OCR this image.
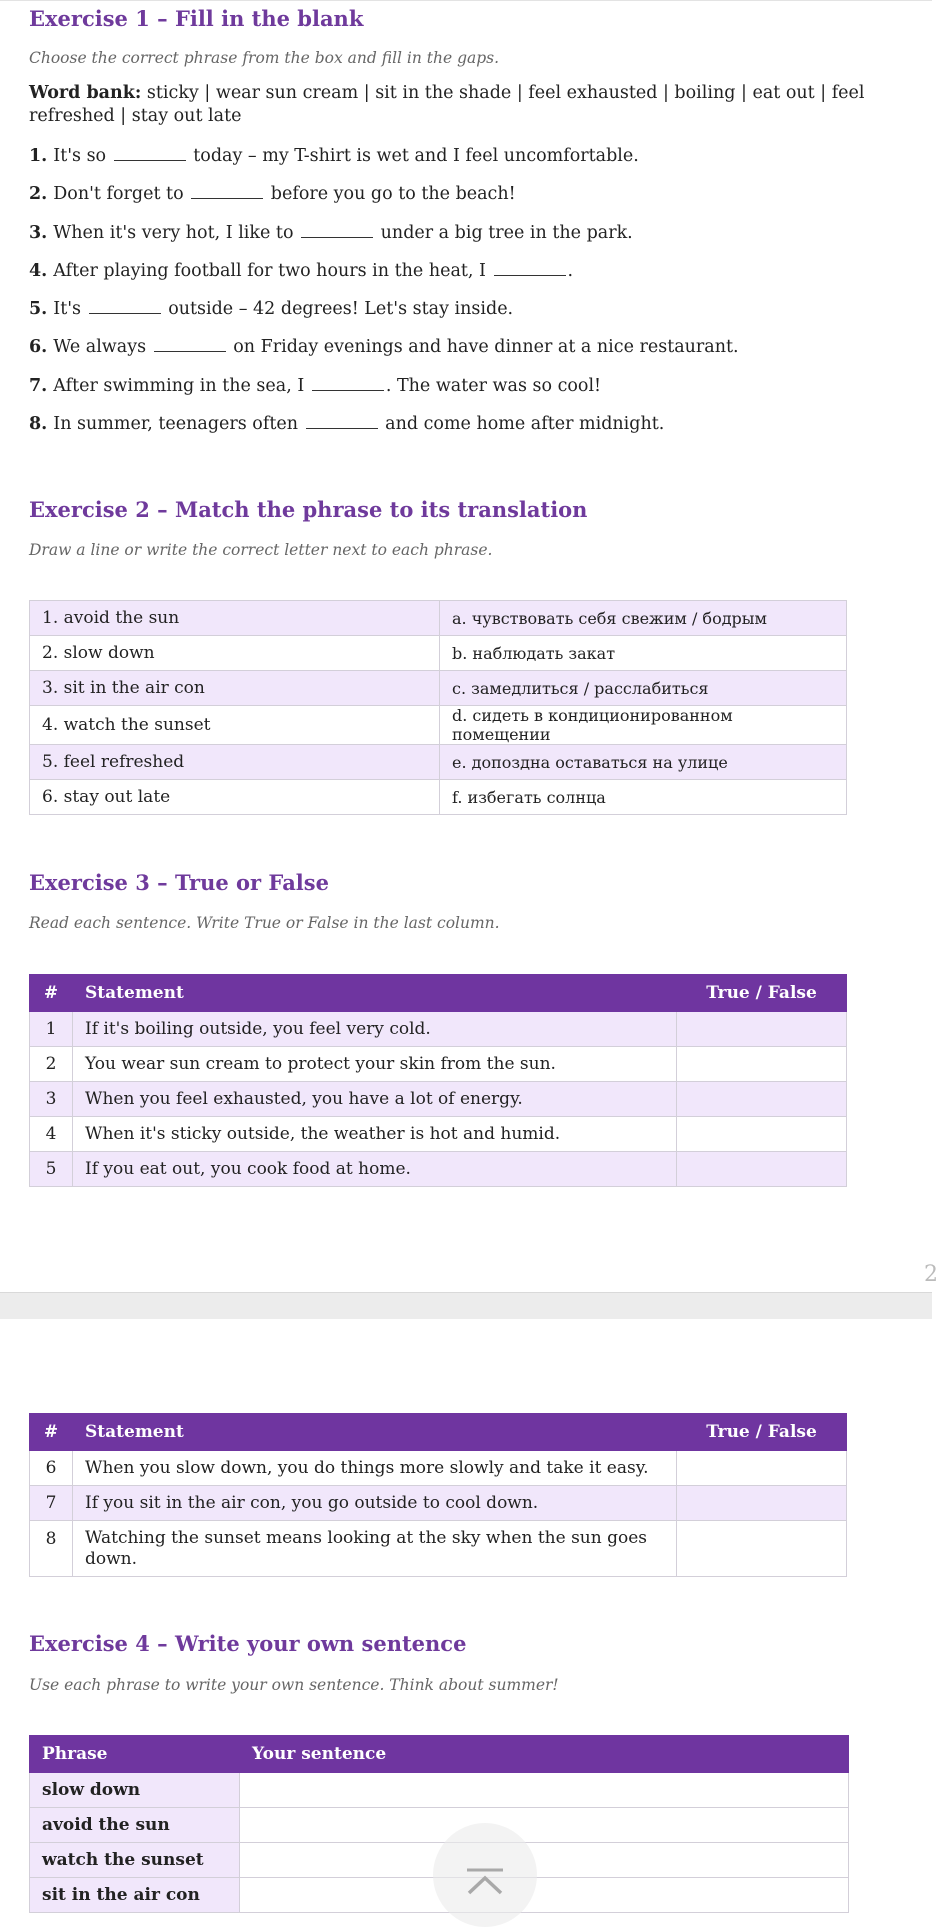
Exercise 1 – Fill in the blank
Choose the correct phrase from the box and fill in the gaps.
Word bank: sticky | wear sun cream | sit in the shade | feel exhausted | boiling | eat out | feel refreshed | stay out late
1. It's so	today – my T-shirt is wet and I feel uncomfortable.
2. Don't forget to	before you go to the beach!
3. When it's very hot, I like to	under a big tree in the park.
4. After playing football for two hours in the heat, I	.
5. It's	outside – 42 degrees! Let's stay inside.
6. We always	on Friday evenings and have dinner at a nice restaurant.
7. After swimming in the sea, I	. The water was so cool!
8. In summer, teenagers often	and come home after midnight.
Exercise 2 – Match the phrase to its translation
Draw a line or write the correct letter next to each phrase.
1. avoid the sun	a. чувствовать себя свежим / бодрым
2. slow down	b. наблюдать закат
3. sit in the air con	c. замедлиться / расслабиться
4. watch the sunset	d. сидеть в кондиционированном помещении
5. feel refreshed	e. допоздна оставаться на улице
6. stay out late	f. избегать солнца
Exercise 3 – True or False
Read each sentence. Write True or False in the last column.
#	Statement	True / False
1	If it's boiling outside, you feel very cold.	
2	You wear sun cream to protect your skin from the sun.	
3	When you feel exhausted, you have a lot of energy.	
4	When it's sticky outside, the weather is hot and humid.	
5	If you eat out, you cook food at home.	
2
#	Statement	True / False
6	When you slow down, you do things more slowly and take it easy.	
7	If you sit in the air con, you go outside to cool down.	
8	Watching the sunset means looking at the sky when the sun goes down.	
Exercise 4 – Write your own sentence
Use each phrase to write your own sentence. Think about summer!
Phrase	Your sentence
slow down	
avoid the sun	
watch the sunset	
sit in the air con	
